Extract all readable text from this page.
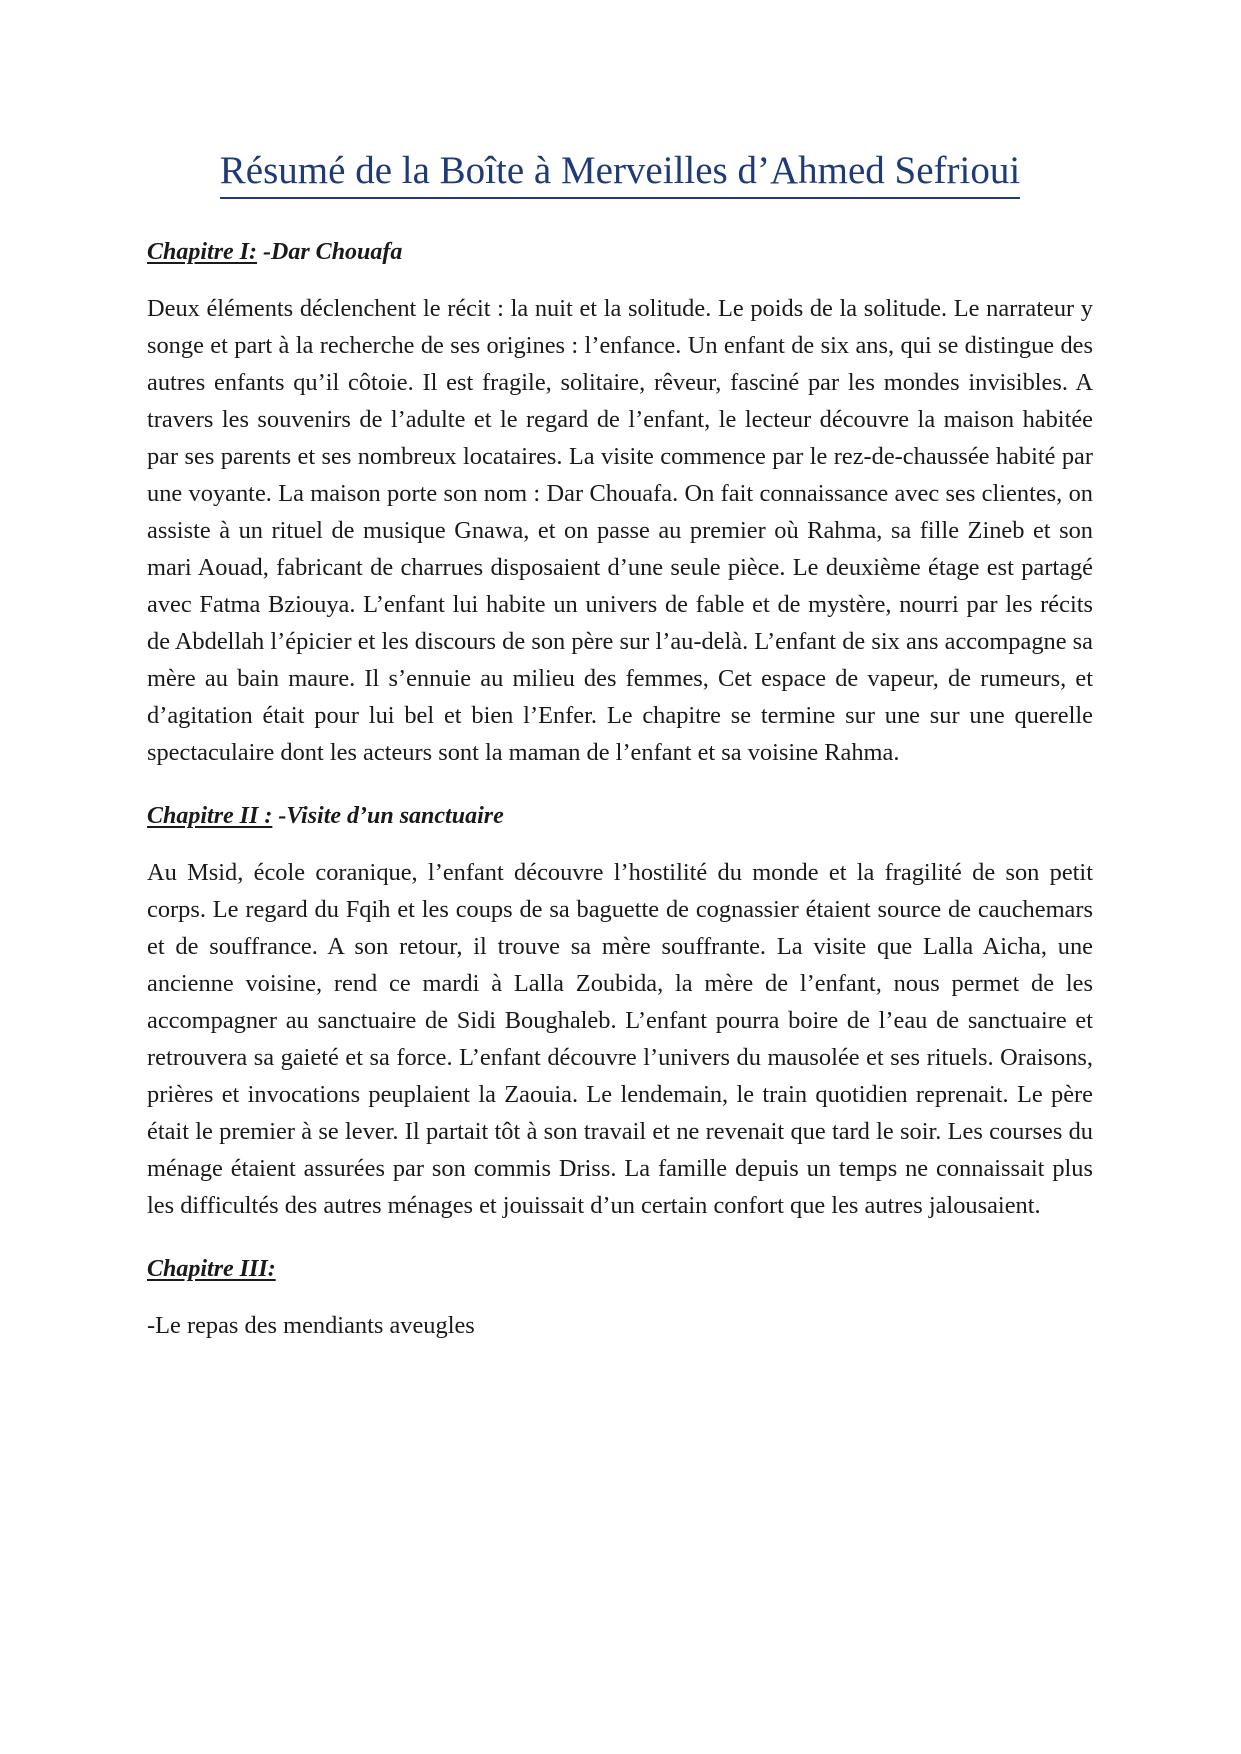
Résumé de la Boîte à Merveilles d’Ahmed Sefrioui
Chapitre I: -Dar Chouafa

Deux éléments déclenchent le récit : la nuit et la solitude. Le poids de la solitude. Le narrateur y songe et part à la recherche de ses origines : l’enfance. Un enfant de six ans, qui se distingue des autres enfants qu’il côtoie. Il est fragile, solitaire, rêveur, fasciné par les mondes invisibles. A travers les souvenirs de l’adulte et le regard de l’enfant, le lecteur découvre la maison habitée par ses parents et ses nombreux locataires. La visite commence par le rez-de-chaussée habité par une voyante. La maison porte son nom : Dar Chouafa. On fait connaissance avec ses clientes, on assiste à un rituel de musique Gnawa, et on passe au premier où Rahma, sa fille Zineb et son mari Aouad, fabricant de charrues disposaient d’une seule pièce. Le deuxième étage est partagé avec Fatma Bziouya. L’enfant lui habite un univers de fable et de mystère, nourri par les récits de Abdellah l’épicier et les discours de son père sur l’au-delà. L’enfant de six ans accompagne sa mère au bain maure. Il s’ennuie au milieu des femmes, Cet espace de vapeur, de rumeurs, et d’agitation était pour lui bel et bien l’Enfer. Le chapitre se termine sur une sur une querelle spectaculaire dont les acteurs sont la maman de l’enfant et sa voisine Rahma.

Chapitre II : -Visite d’un sanctuaire

Au Msid, école coranique, l’enfant découvre l’hostilité du monde et la fragilité de son petit corps. Le regard du Fqih et les coups de sa baguette de cognassier étaient source de cauchemars et de souffrance. A son retour, il trouve sa mère souffrante. La visite que Lalla Aicha, une ancienne voisine, rend ce mardi à Lalla Zoubida, la mère de l’enfant, nous permet de les accompagner au sanctuaire de Sidi Boughaleb. L’enfant pourra boire de l’eau de sanctuaire et retrouvera sa gaieté et sa force. L’enfant découvre l’univers du mausolée et ses rituels. Oraisons, prières et invocations peuplaient la Zaouia. Le lendemain, le train quotidien reprenait. Le père était le premier à se lever. Il partait tôt à son travail et ne revenait que tard le soir. Les courses du ménage étaient assurées par son commis Driss. La famille depuis un temps ne connaissait plus les difficultés des autres ménages et jouissait d’un certain confort que les autres jalousaient.

Chapitre III:

-Le repas des mendiants aveugles
